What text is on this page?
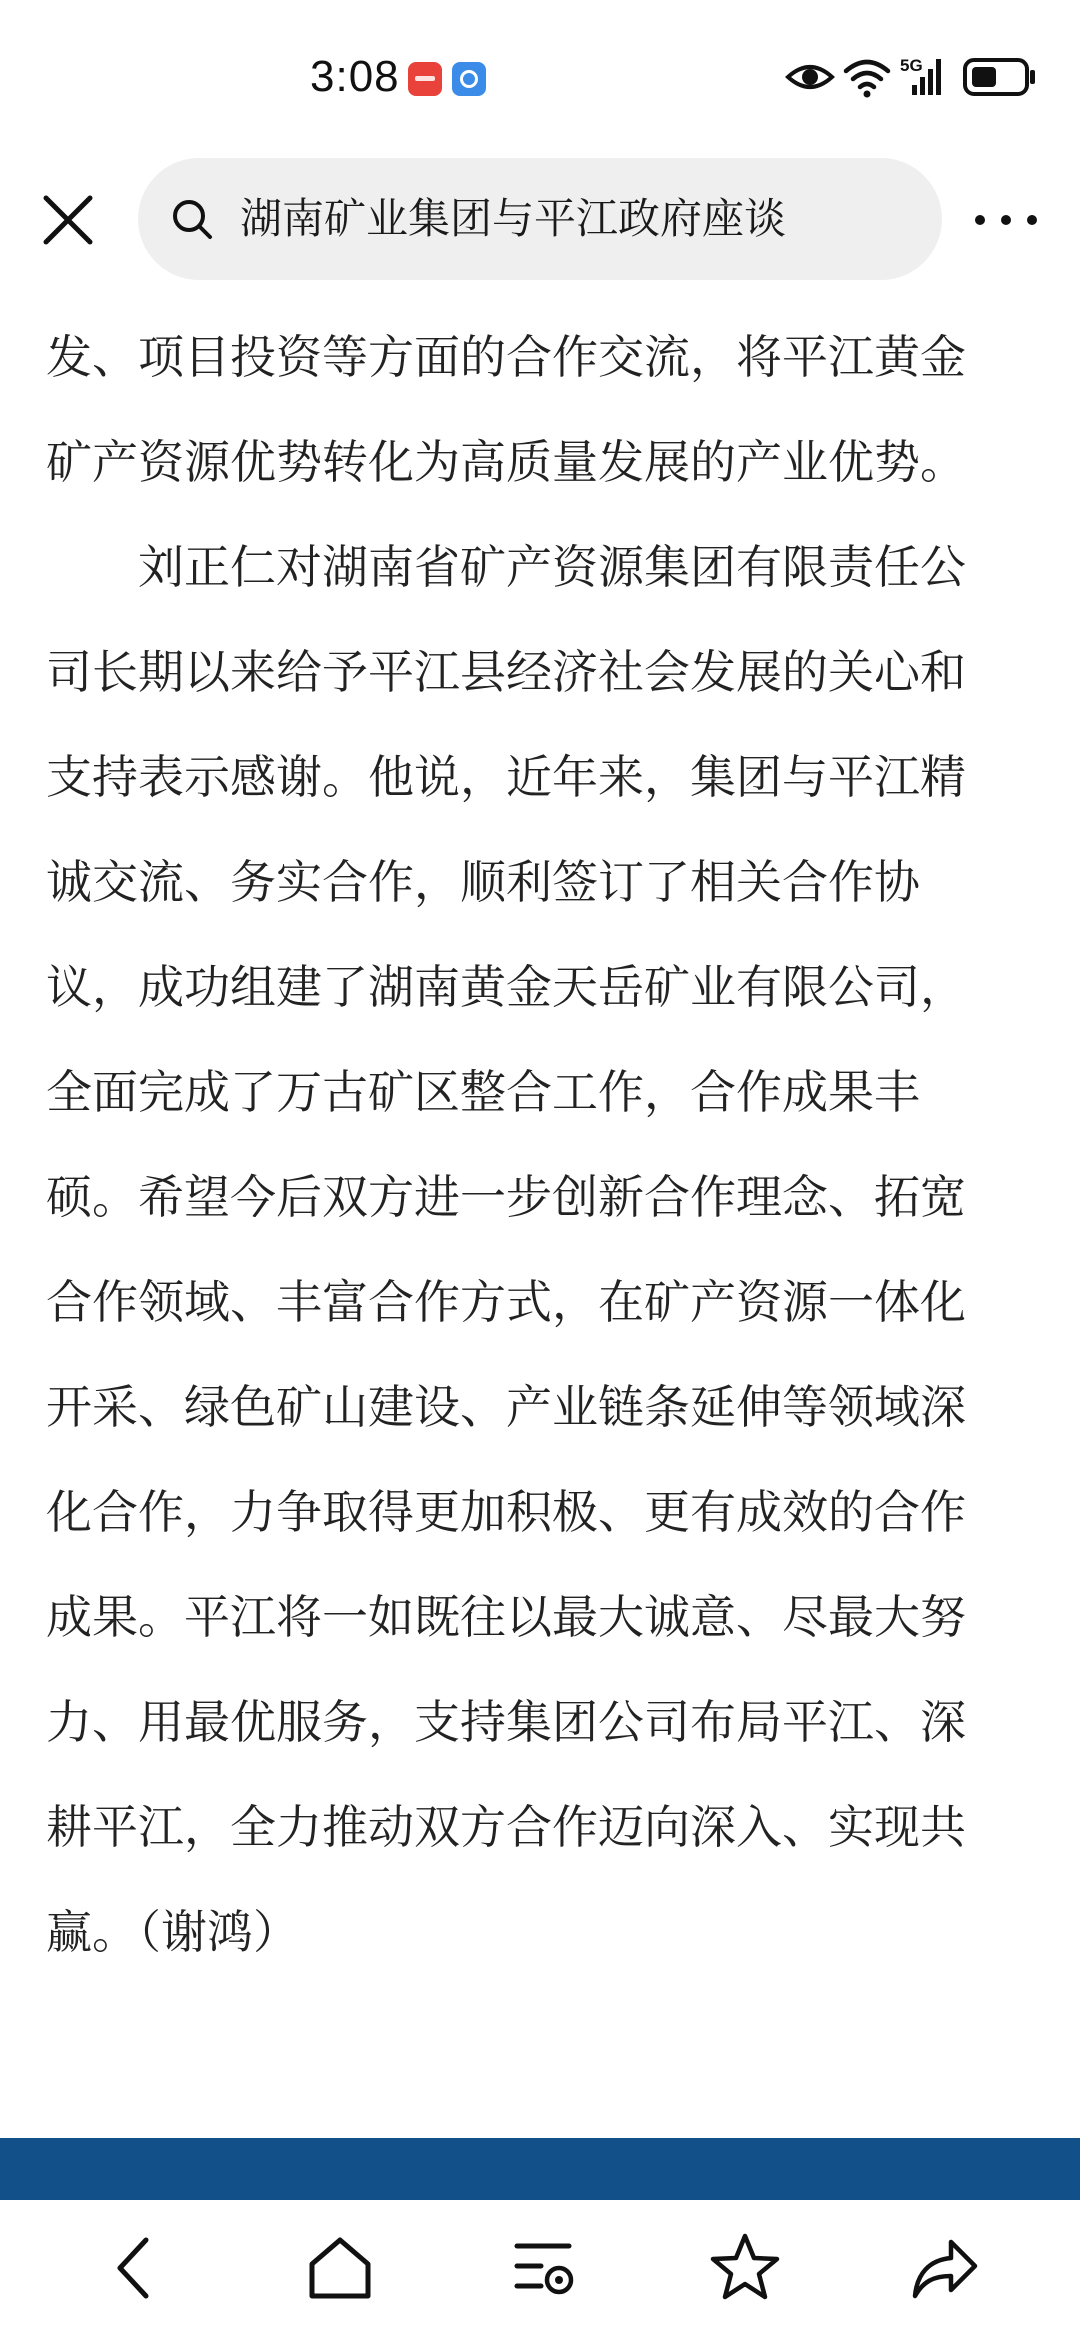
3:08	5G
湖南矿业集团与平江政府座谈
发、项目投资等方面的合作交流，将平江黄金
矿产资源优势转化为高质量发展的产业优势。
　　刘正仁对湖南省矿产资源集团有限责任公
司长期以来给予平江县经济社会发展的关心和
支持表示感谢。他说，近年来，集团与平江精
诚交流、务实合作，顺利签订了相关合作协
议，成功组建了湖南黄金天岳矿业有限公司，
全面完成了万古矿区整合工作，合作成果丰
硕。希望今后双方进一步创新合作理念、拓宽
合作领域、丰富合作方式，在矿产资源一体化
开采、绿色矿山建设、产业链条延伸等领域深
化合作，力争取得更加积极、更有成效的合作
成果。平江将一如既往以最大诚意、尽最大努
力、用最优服务，支持集团公司布局平江、深
耕平江，全力推动双方合作迈向深入、实现共
赢。（谢鸿）
